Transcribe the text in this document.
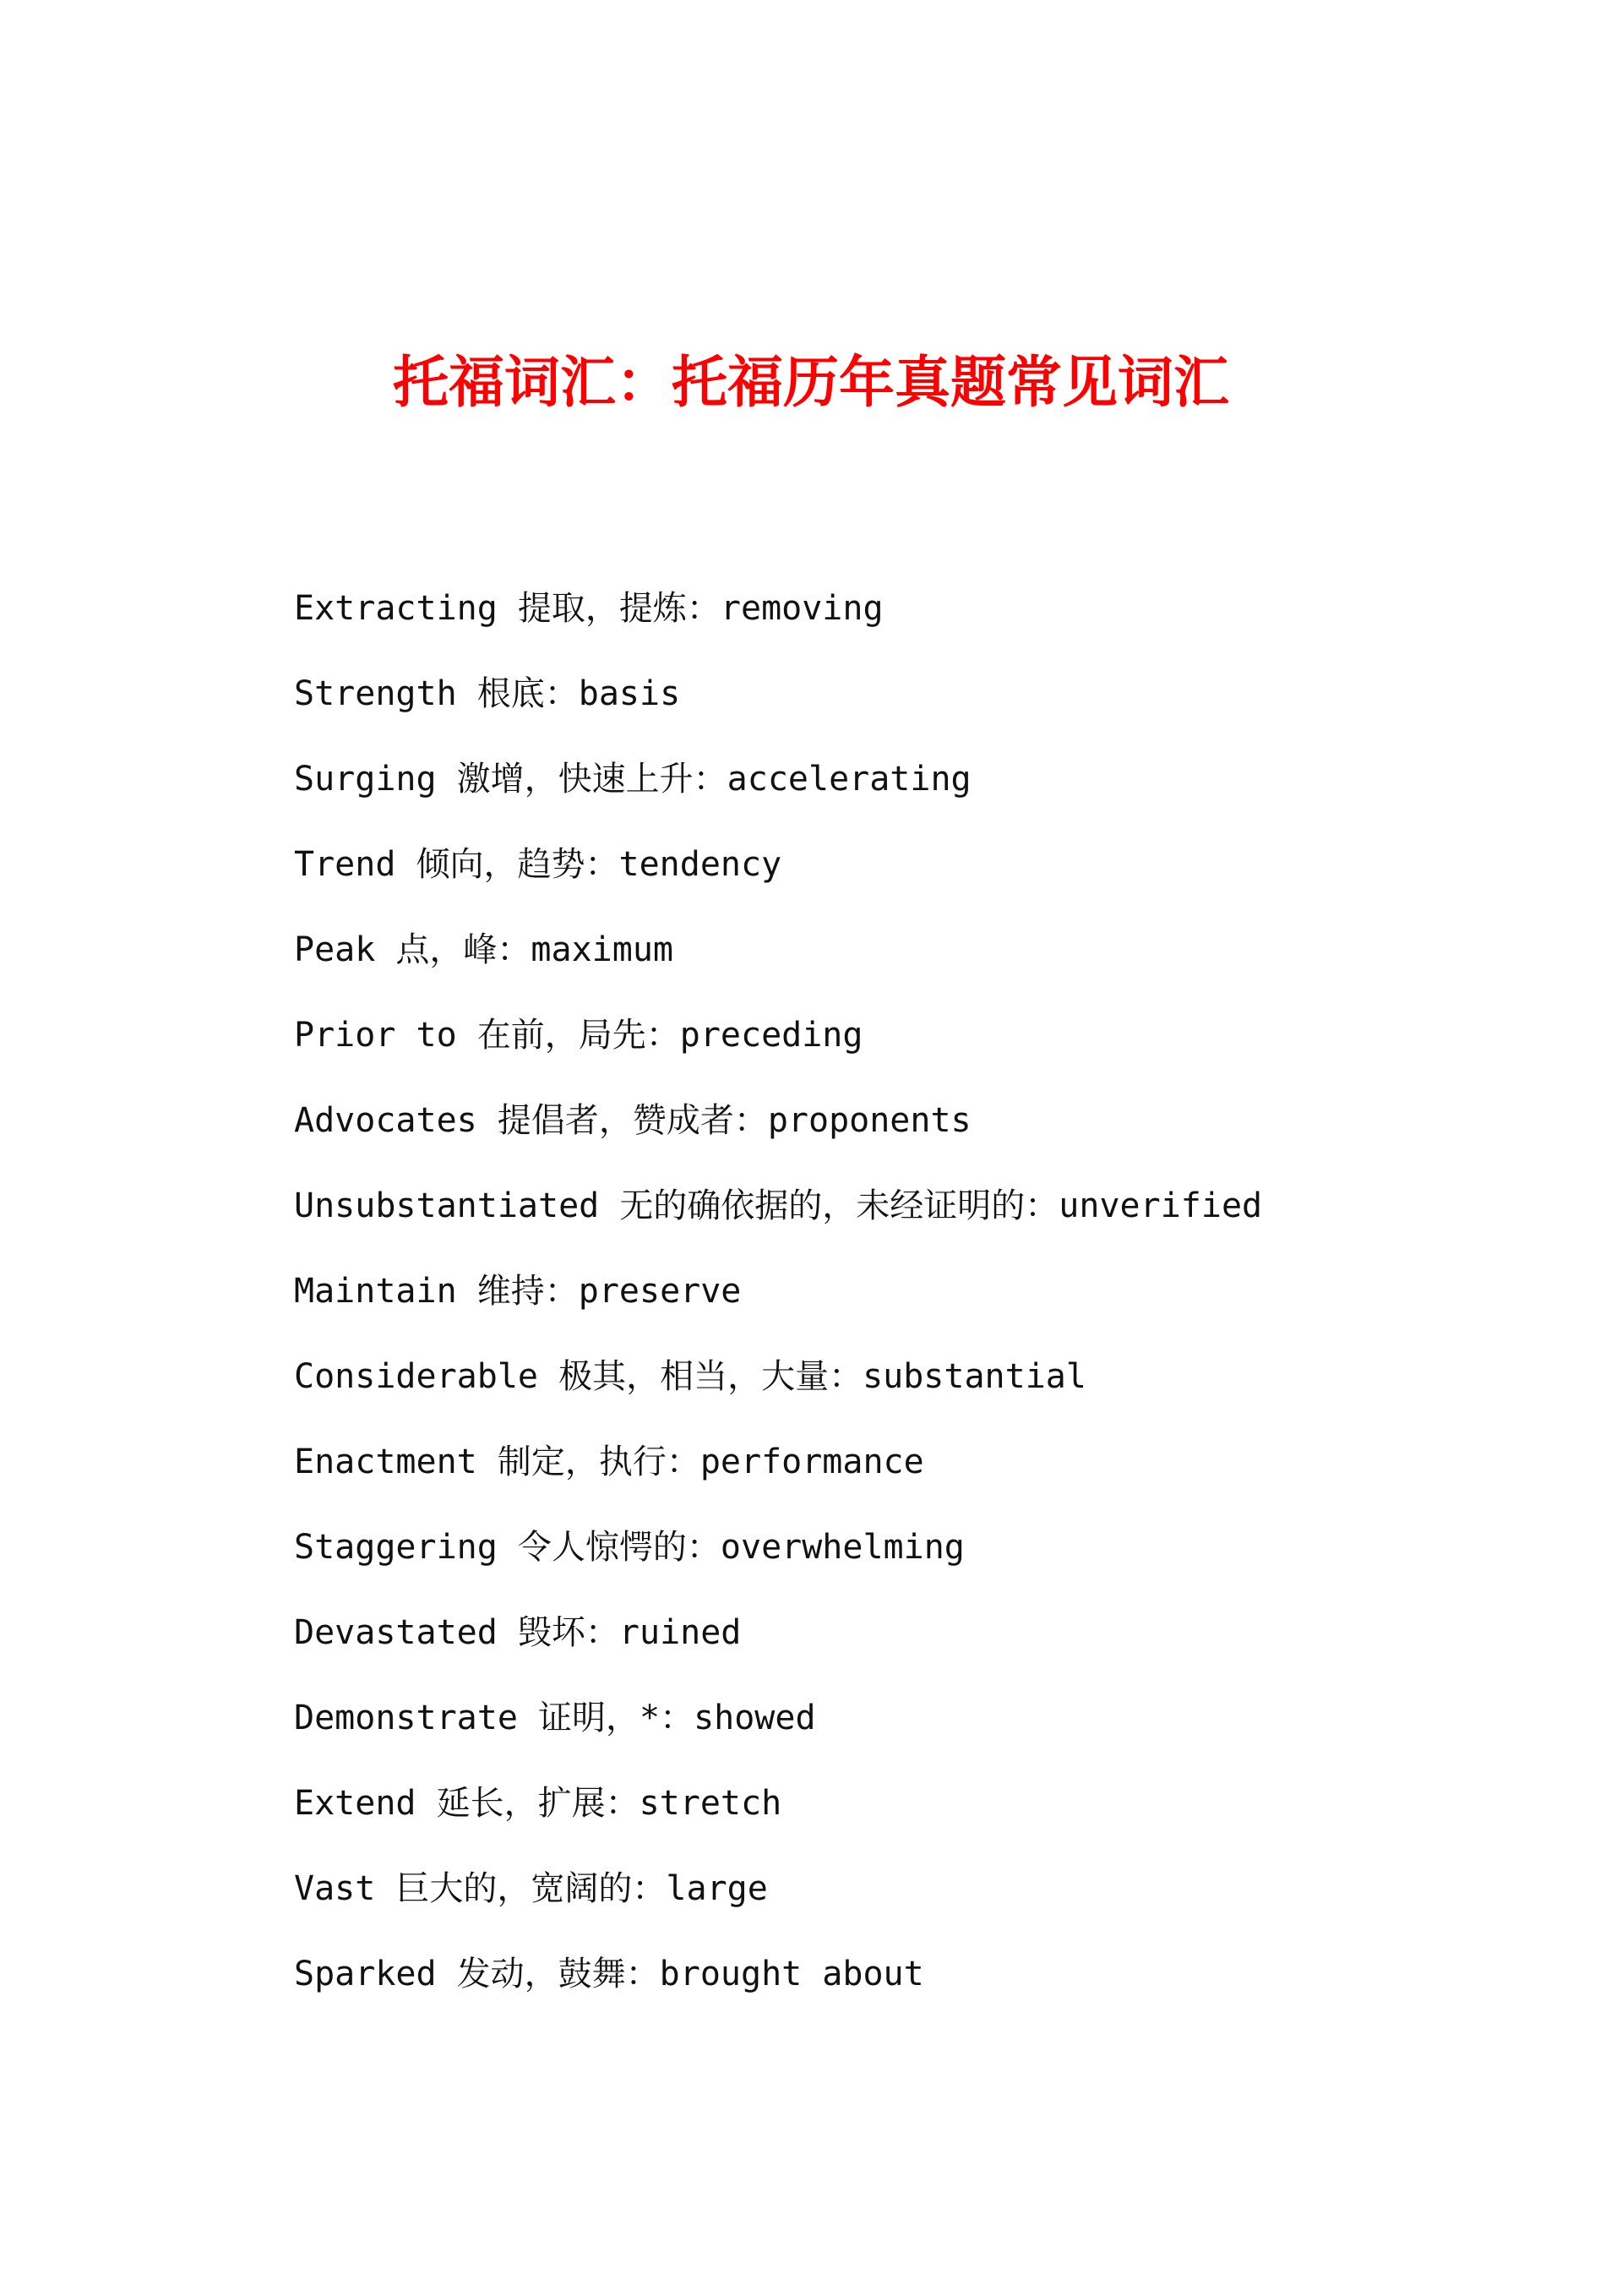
托福词汇：托福历年真题常见词汇
Extracting 提取，提炼：removing
Strength 根底：basis
Surging 激增，快速上升：accelerating
Trend 倾向，趋势：tendency
Peak 点，峰：maximum
Prior to 在前，局先：preceding
Advocates 提倡者，赞成者：proponents
Unsubstantiated 无的确依据的，未经证明的：unverified
Maintain 维持：preserve
Considerable 极其，相当，大量：substantial
Enactment 制定，执行：performance
Staggering 令人惊愕的：overwhelming
Devastated 毁坏：ruined
Demonstrate 证明，*：showed
Extend 延长，扩展：stretch
Vast 巨大的，宽阔的：large
Sparked 发动，鼓舞：brought about
